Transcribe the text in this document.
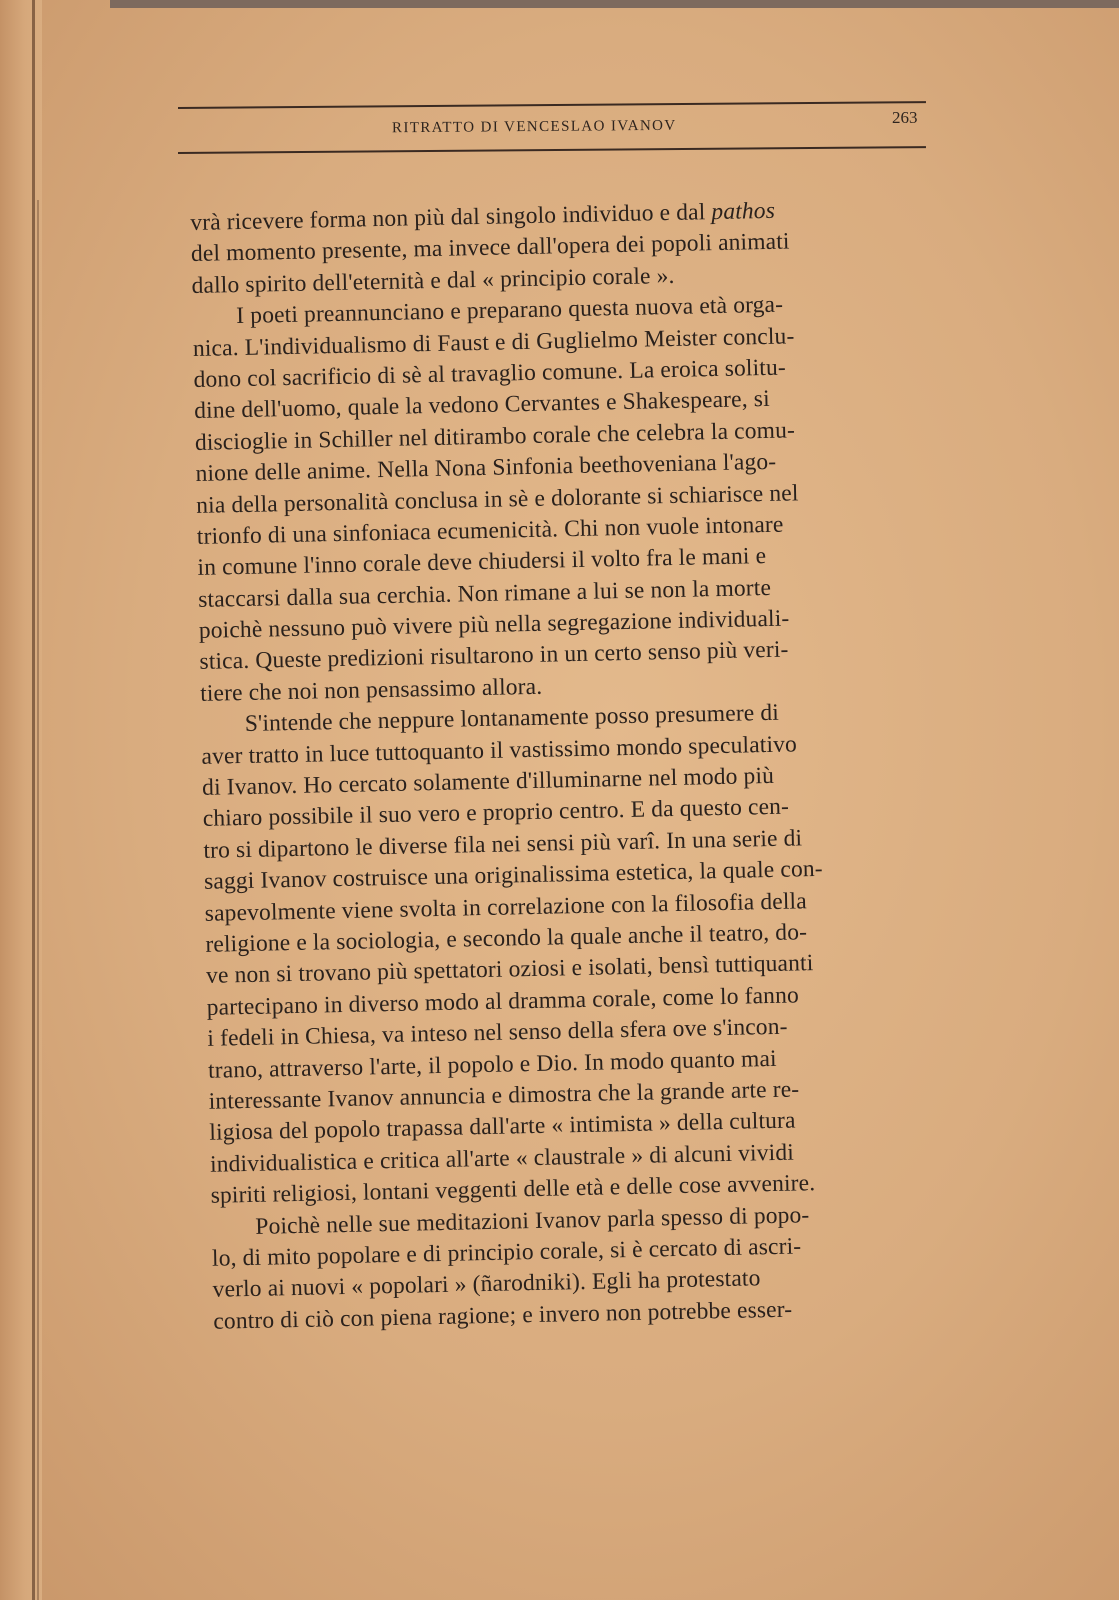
RITRATTO DI VENCESLAO IVANOV
263
vrà ricevere forma non più dal singolo individuo e dal pathos
del momento presente, ma invece dall'opera dei popoli animati
dallo spirito dell'eternità e dal « principio corale ».
I poeti preannunciano e preparano questa nuova età orga-
nica. L'individualismo di Faust e di Guglielmo Meister conclu-
dono col sacrificio di sè al travaglio comune. La eroica solitu-
dine dell'uomo, quale la vedono Cervantes e Shakespeare, si
discioglie in Schiller nel ditirambo corale che celebra la comu-
nione delle anime. Nella Nona Sinfonia beethoveniana l'ago-
nia della personalità conclusa in sè e dolorante si schiarisce nel
trionfo di una sinfoniaca ecumenicità. Chi non vuole intonare
in comune l'inno corale deve chiudersi il volto fra le mani e
staccarsi dalla sua cerchia. Non rimane a lui se non la morte
poichè nessuno può vivere più nella segregazione individuali-
stica. Queste predizioni risultarono in un certo senso più veri-
tiere che noi non pensassimo allora.
S'intende che neppure lontanamente posso presumere di
aver tratto in luce tuttoquanto il vastissimo mondo speculativo
di Ivanov. Ho cercato solamente d'illuminarne nel modo più
chiaro possibile il suo vero e proprio centro. E da questo cen-
tro si dipartono le diverse fila nei sensi più varî. In una serie di
saggi Ivanov costruisce una originalissima estetica, la quale con-
sapevolmente viene svolta in correlazione con la filosofia della
religione e la sociologia, e secondo la quale anche il teatro, do-
ve non si trovano più spettatori oziosi e isolati, bensì tuttiquanti
partecipano in diverso modo al dramma corale, come lo fanno
i fedeli in Chiesa, va inteso nel senso della sfera ove s'incon-
trano, attraverso l'arte, il popolo e Dio. In modo quanto mai
interessante Ivanov annuncia e dimostra che la grande arte re-
ligiosa del popolo trapassa dall'arte « intimista » della cultura
individualistica e critica all'arte « claustrale » di alcuni vividi
spiriti religiosi, lontani veggenti delle età e delle cose avvenire.
Poichè nelle sue meditazioni Ivanov parla spesso di popo-
lo, di mito popolare e di principio corale, si è cercato di ascri-
verlo ai nuovi « popolari » (ñarodniki). Egli ha protestato
contro di ciò con piena ragione; e invero non potrebbe esser-
